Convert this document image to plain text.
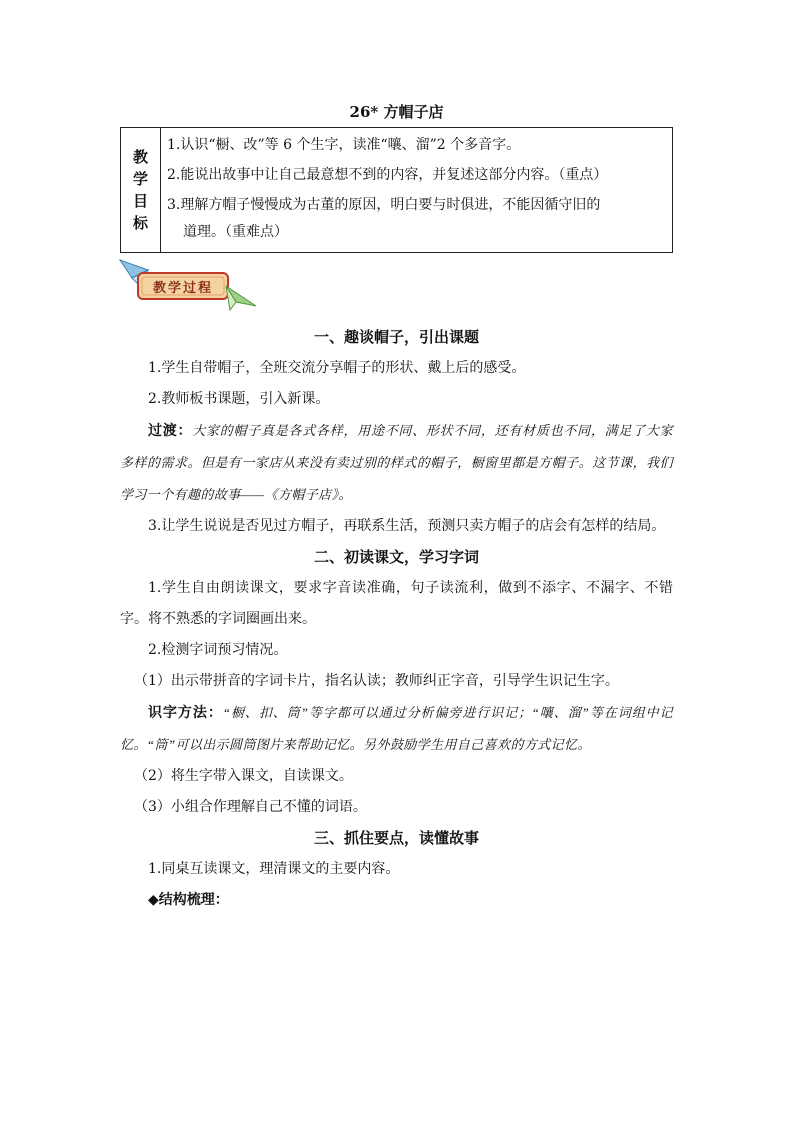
26* 方帽子店
教学目标
1.认识“橱、改”等 6 个生字，读准“嚷、溜”2 个多音字。
2.能说出故事中让自己最意想不到的内容，并复述这部分内容。（重点）
3.理解方帽子慢慢成为古董的原因，明白要与时俱进，不能因循守旧的
道理。（重难点）
教学过程
一、趣谈帽子，引出课题
1.学生自带帽子，全班交流分享帽子的形状、戴上后的感受。
2.教师板书课题，引入新课。
过渡：大家的帽子真是各式各样，用途不同、形状不同，还有材质也不同，满足了大家多样的需求。但是有一家店从来没有卖过别的样式的帽子，橱窗里都是方帽子。这节课，我们学习一个有趣的故事——《方帽子店》。
3.让学生说说是否见过方帽子，再联系生活，预测只卖方帽子的店会有怎样的结局。
二、初读课文，学习字词
1.学生自由朗读课文，要求字音读准确，句子读流利，做到不添字、不漏字、不错字。将不熟悉的字词圈画出来。
2.检测字词预习情况。
（1）出示带拼音的字词卡片，指名认读；教师纠正字音，引导学生识记生字。
识字方法：“橱、扣、筒”等字都可以通过分析偏旁进行识记；“嚷、溜”等在词组中记忆。“筒”可以出示圆筒图片来帮助记忆。另外鼓励学生用自己喜欢的方式记忆。
（2）将生字带入课文，自读课文。
（3）小组合作理解自己不懂的词语。
三、抓住要点，读懂故事
1.同桌互读课文，理清课文的主要内容。
◆结构梳理：
